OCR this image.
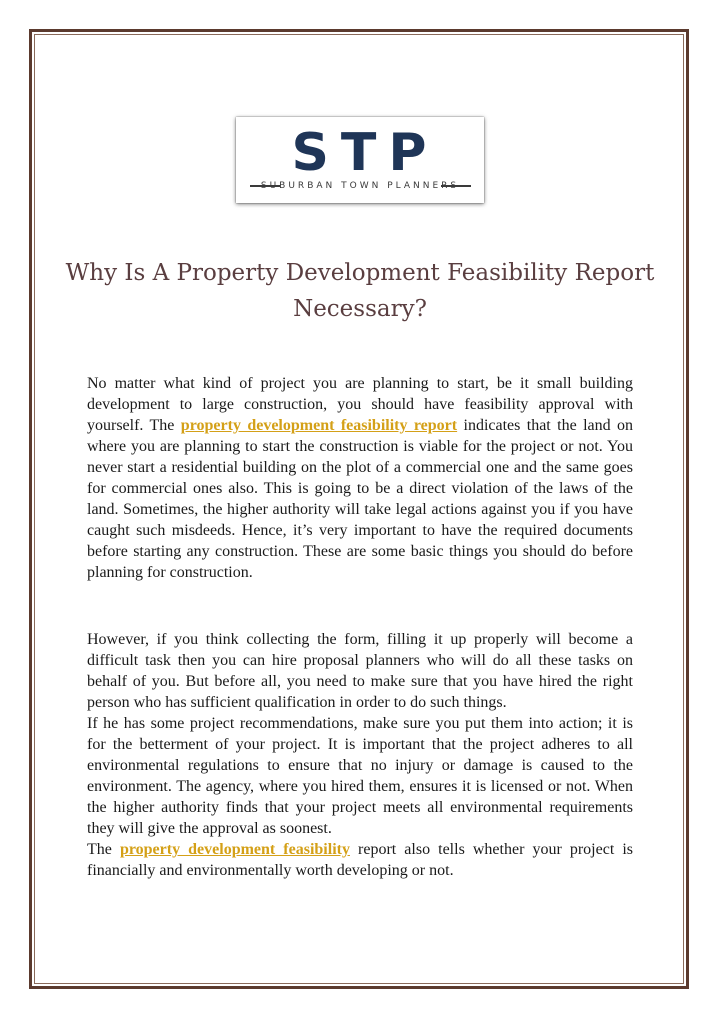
STP
SUBURBAN TOWN PLANNERS
Why Is A Property Development Feasibility Report Necessary?

No matter what kind of project you are planning to start, be it small building development to large construction, you should have feasibility approval with yourself. The property development feasibility report indicates that the land on where you are planning to start the construction is viable for the project or not. You never start a residential building on the plot of a commercial one and the same goes for commercial ones also. This is going to be a direct violation of the laws of the land. Sometimes, the higher authority will take legal actions against you if you have caught such misdeeds. Hence, it’s very important to have the required documents before starting any construction. These are some basic things you should do before planning for construction.

However, if you think collecting the form, filling it up properly will become a difficult task then you can hire proposal planners who will do all these tasks on behalf of you. But before all, you need to make sure that you have hired the right person who has sufficient qualification in order to do such things.

If he has some project recommendations, make sure you put them into action; it is for the betterment of your project. It is important that the project adheres to all environmental regulations to ensure that no injury or damage is caused to the environment. The agency, where you hired them, ensures it is licensed or not. When the higher authority finds that your project meets all environmental requirements they will give the approval as soonest.

The property development feasibility report also tells whether your project is financially and environmentally worth developing or not.
